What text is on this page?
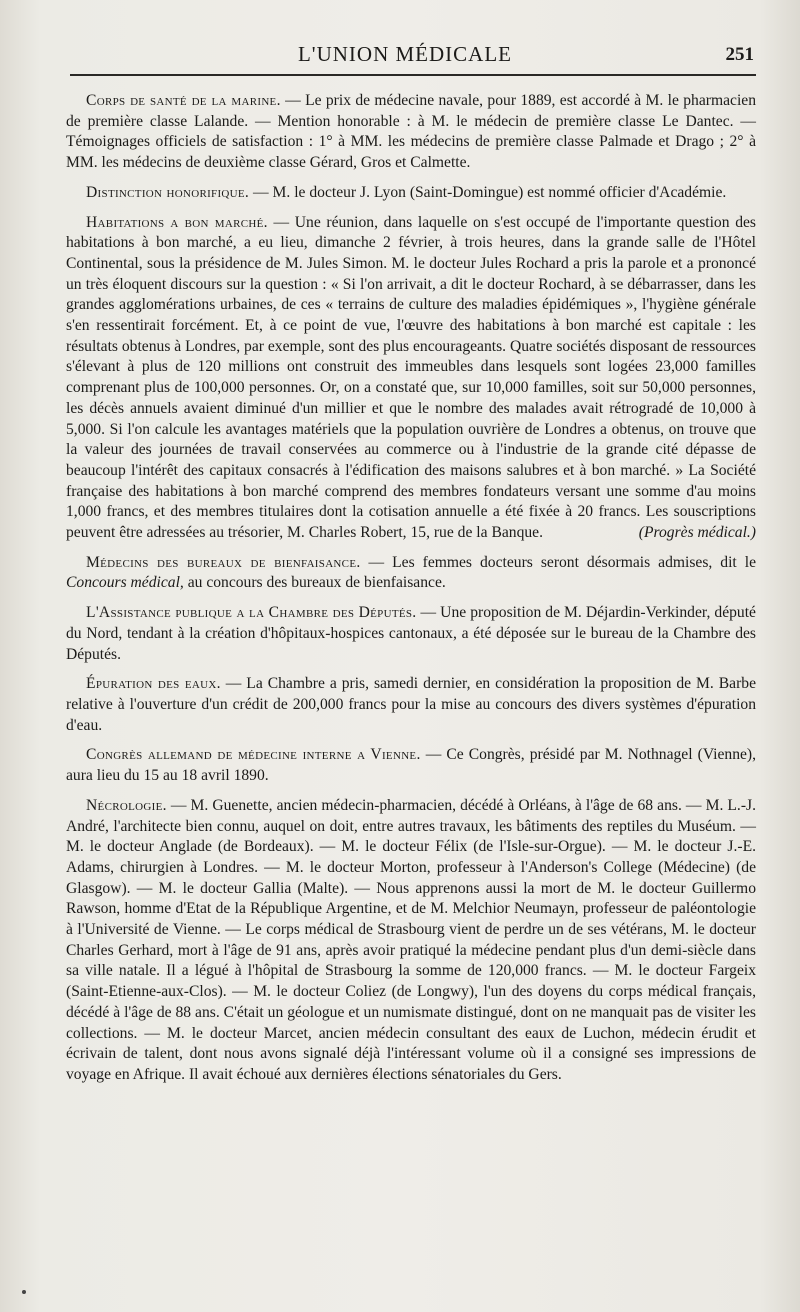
L'UNION MÉDICALE	251

Corps de santé de la marine. — Le prix de médecine navale, pour 1889, est accordé à M. le pharmacien de première classe Lalande. — Mention honorable : à M. le médecin de première classe Le Dantec. — Témoignages officiels de satisfaction : 1° à MM. les médecins de première classe Palmade et Drago ; 2° à MM. les médecins de deuxième classe Gérard, Gros et Calmette.

Distinction honorifique. — M. le docteur J. Lyon (Saint-Domingue) est nommé officier d'Académie.

Habitations a bon marché. — Une réunion, dans laquelle on s'est occupé de l'importante question des habitations à bon marché, a eu lieu, dimanche 2 février, à trois heures, dans la grande salle de l'Hôtel Continental, sous la présidence de M. Jules Simon. M. le docteur Jules Rochard a pris la parole et a prononcé un très éloquent discours sur la question : « Si l'on arrivait, a dit le docteur Rochard, à se débarrasser, dans les grandes agglomérations urbaines, de ces « terrains de culture des maladies épidémiques », l'hygiène générale s'en ressentirait forcément. Et, à ce point de vue, l'œuvre des habitations à bon marché est capitale : les résultats obtenus à Londres, par exemple, sont des plus encourageants. Quatre sociétés disposant de ressources s'élevant à plus de 120 millions ont construit des immeubles dans lesquels sont logées 23,000 familles comprenant plus de 100,000 personnes. Or, on a constaté que, sur 10,000 familles, soit sur 50,000 personnes, les décès annuels avaient diminué d'un millier et que le nombre des malades avait rétrogradé de 10,000 à 5,000. Si l'on calcule les avantages matériels que la population ouvrière de Londres a obtenus, on trouve que la valeur des journées de travail conservées au commerce ou à l'industrie de la grande cité dépasse de beaucoup l'intérêt des capitaux consacrés à l'édification des maisons salubres et à bon marché. » La Société française des habitations à bon marché comprend des membres fondateurs versant une somme d'au moins 1,000 francs, et des membres titulaires dont la cotisation annuelle a été fixée à 20 francs. Les souscriptions peuvent être adressées au trésorier, M. Charles Robert, 15, rue de la Banque.	(Progrès médical.)

Médecins des bureaux de bienfaisance. — Les femmes docteurs seront désormais admises, dit le Concours médical, au concours des bureaux de bienfaisance.

L'Assistance publique a la Chambre des Députés. — Une proposition de M. Déjardin-Verkinder, député du Nord, tendant à la création d'hôpitaux-hospices cantonaux, a été déposée sur le bureau de la Chambre des Députés.

Épuration des eaux. — La Chambre a pris, samedi dernier, en considération la proposition de M. Barbe relative à l'ouverture d'un crédit de 200,000 francs pour la mise au concours des divers systèmes d'épuration d'eau.

Congrès allemand de médecine interne a Vienne. — Ce Congrès, présidé par M. Nothnagel (Vienne), aura lieu du 15 au 18 avril 1890.

Nécrologie. — M. Guenette, ancien médecin-pharmacien, décédé à Orléans, à l'âge de 68 ans. — M. L.-J. André, l'architecte bien connu, auquel on doit, entre autres travaux, les bâtiments des reptiles du Muséum. — M. le docteur Anglade (de Bordeaux). — M. le docteur Félix (de l'Isle-sur-Orgue). — M. le docteur J.-E. Adams, chirurgien à Londres. — M. le docteur Morton, professeur à l'Anderson's College (Médecine) (de Glasgow). — M. le docteur Gallia (Malte). — Nous apprenons aussi la mort de M. le docteur Guillermo Rawson, homme d'Etat de la République Argentine, et de M. Melchior Neumayn, professeur de paléontologie à l'Université de Vienne. — Le corps médical de Strasbourg vient de perdre un de ses vétérans, M. le docteur Charles Gerhard, mort à l'âge de 91 ans, après avoir pratiqué la médecine pendant plus d'un demi-siècle dans sa ville natale. Il a légué à l'hôpital de Strasbourg la somme de 120,000 francs. — M. le docteur Fargeix (Saint-Etienne-aux-Clos). — M. le docteur Coliez (de Longwy), l'un des doyens du corps médical français, décédé à l'âge de 88 ans. C'était un géologue et un numismate distingué, dont on ne manquait pas de visiter les collections. — M. le docteur Marcet, ancien médecin consultant des eaux de Luchon, médecin érudit et écrivain de talent, dont nous avons signalé déjà l'intéressant volume où il a consigné ses impressions de voyage en Afrique. Il avait échoué aux dernières élections sénatoriales du Gers.
